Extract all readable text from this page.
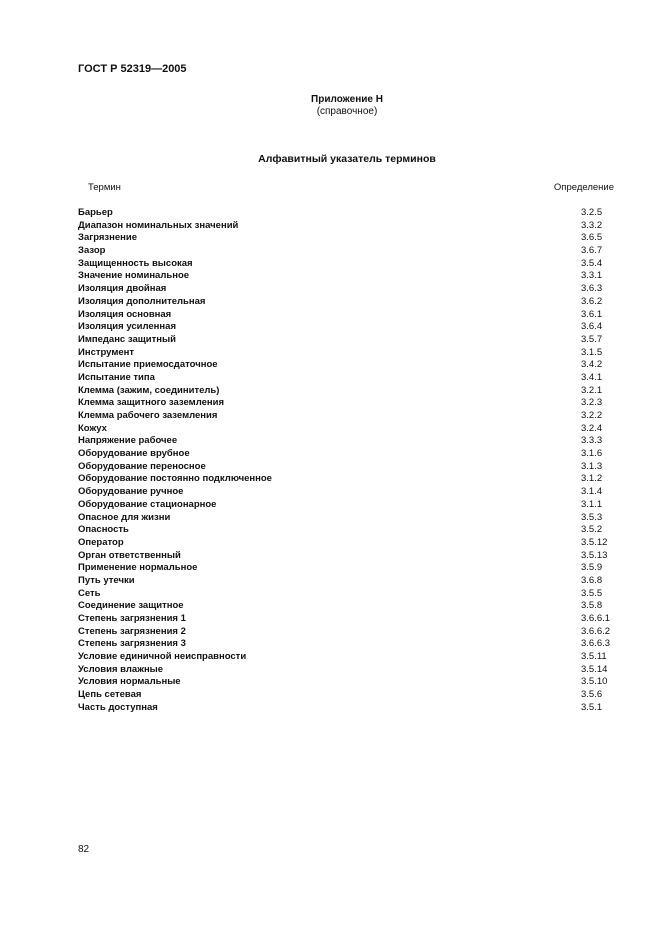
ГОСТ Р 52319—2005
Приложение Н
(справочное)
Алфавитный указатель терминов
Термин	Определение
Барьер	3.2.5
Диапазон номинальных значений	3.3.2
Загрязнение	3.6.5
Зазор	3.6.7
Защищенность высокая	3.5.4
Значение номинальное	3.3.1
Изоляция двойная	3.6.3
Изоляция дополнительная	3.6.2
Изоляция основная	3.6.1
Изоляция усиленная	3.6.4
Импеданс защитный	3.5.7
Инструмент	3.1.5
Испытание приемосдаточное	3.4.2
Испытание типа	3.4.1
Клемма (зажим, соединитель)	3.2.1
Клемма защитного заземления	3.2.3
Клемма рабочего заземления	3.2.2
Кожух	3.2.4
Напряжение рабочее	3.3.3
Оборудование врубное	3.1.6
Оборудование переносное	3.1.3
Оборудование постоянно подключенное	3.1.2
Оборудование ручное	3.1.4
Оборудование стационарное	3.1.1
Опасное для жизни	3.5.3
Опасность	3.5.2
Оператор	3.5.12
Орган ответственный	3.5.13
Применение нормальное	3.5.9
Путь утечки	3.6.8
Сеть	3.5.5
Соединение защитное	3.5.8
Степень загрязнения 1	3.6.6.1
Степень загрязнения 2	3.6.6.2
Степень загрязнения 3	3.6.6.3
Условие единичной неисправности	3.5.11
Условия влажные	3.5.14
Условия нормальные	3.5.10
Цепь сетевая	3.5.6
Часть доступная	3.5.1
82
